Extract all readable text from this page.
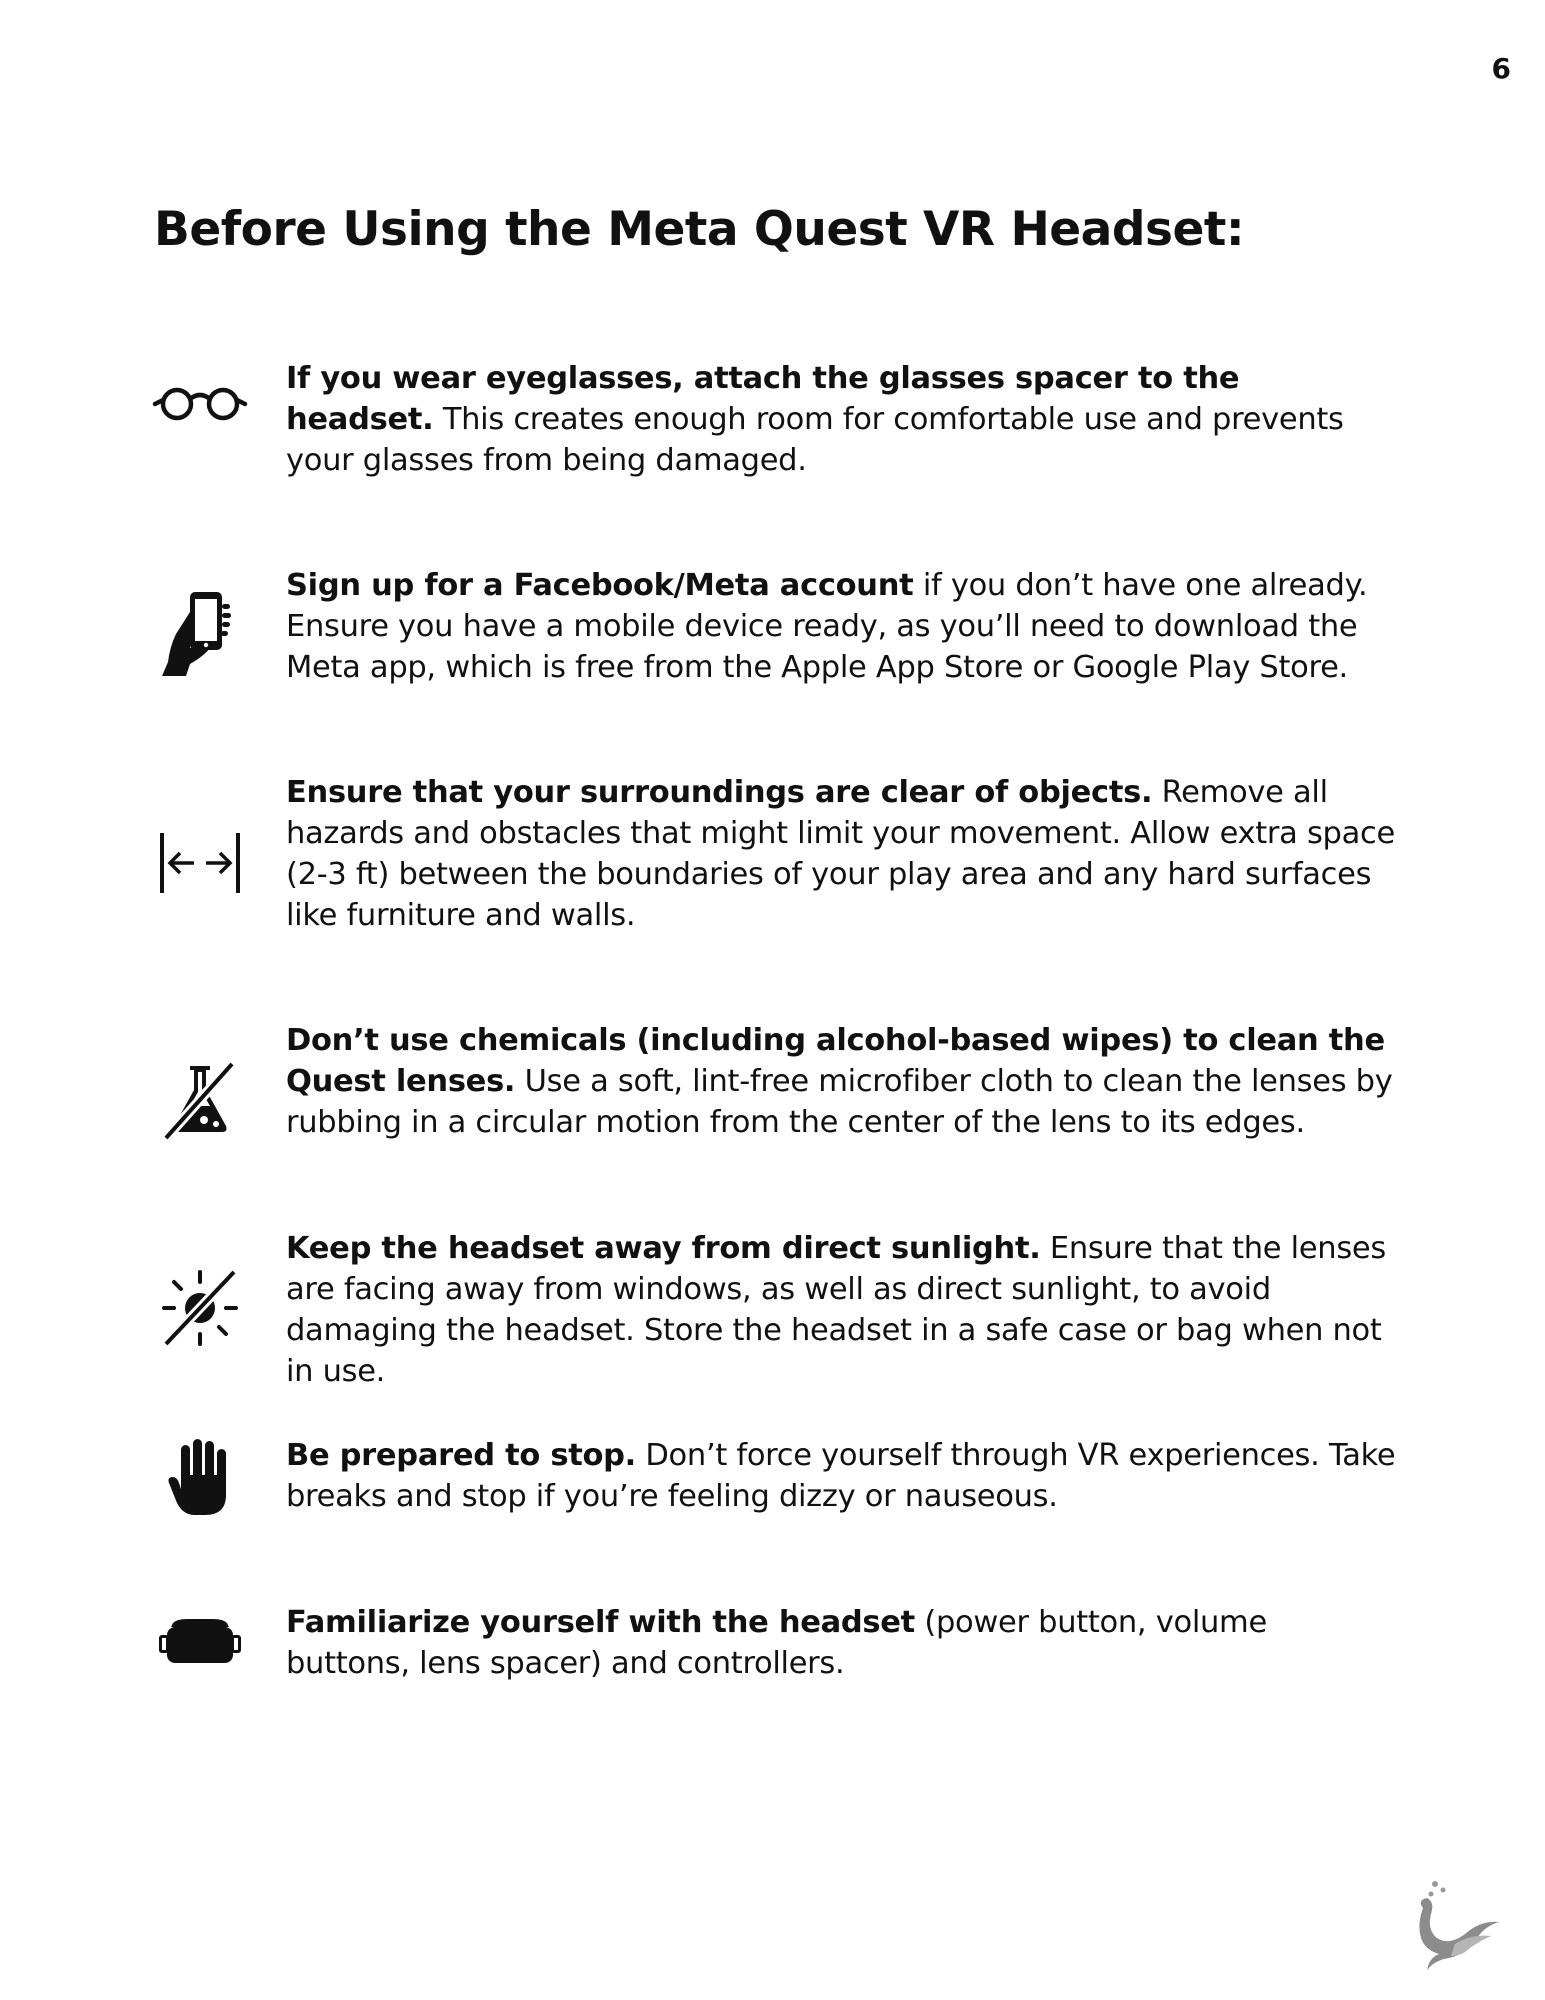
6
Before Using the Meta Quest VR Headset:
If you wear eyeglasses, attach the glasses spacer to the headset. This creates enough room for comfortable use and prevents your glasses from being damaged.
Sign up for a Facebook/Meta account if you don’t have one already. Ensure you have a mobile device ready, as you’ll need to download the Meta app, which is free from the Apple App Store or Google Play Store.
Ensure that your surroundings are clear of objects. Remove all hazards and obstacles that might limit your movement. Allow extra space (2-3 ft) between the boundaries of your play area and any hard surfaces like furniture and walls.
Don’t use chemicals (including alcohol-based wipes) to clean the Quest lenses. Use a soft, lint-free microfiber cloth to clean the lenses by rubbing in a circular motion from the center of the lens to its edges.
Keep the headset away from direct sunlight. Ensure that the lenses are facing away from windows, as well as direct sunlight, to avoid damaging the headset. Store the headset in a safe case or bag when not in use.
Be prepared to stop. Don’t force yourself through VR experiences. Take breaks and stop if you’re feeling dizzy or nauseous.
Familiarize yourself with the headset (power button, volume buttons, lens spacer) and controllers.
